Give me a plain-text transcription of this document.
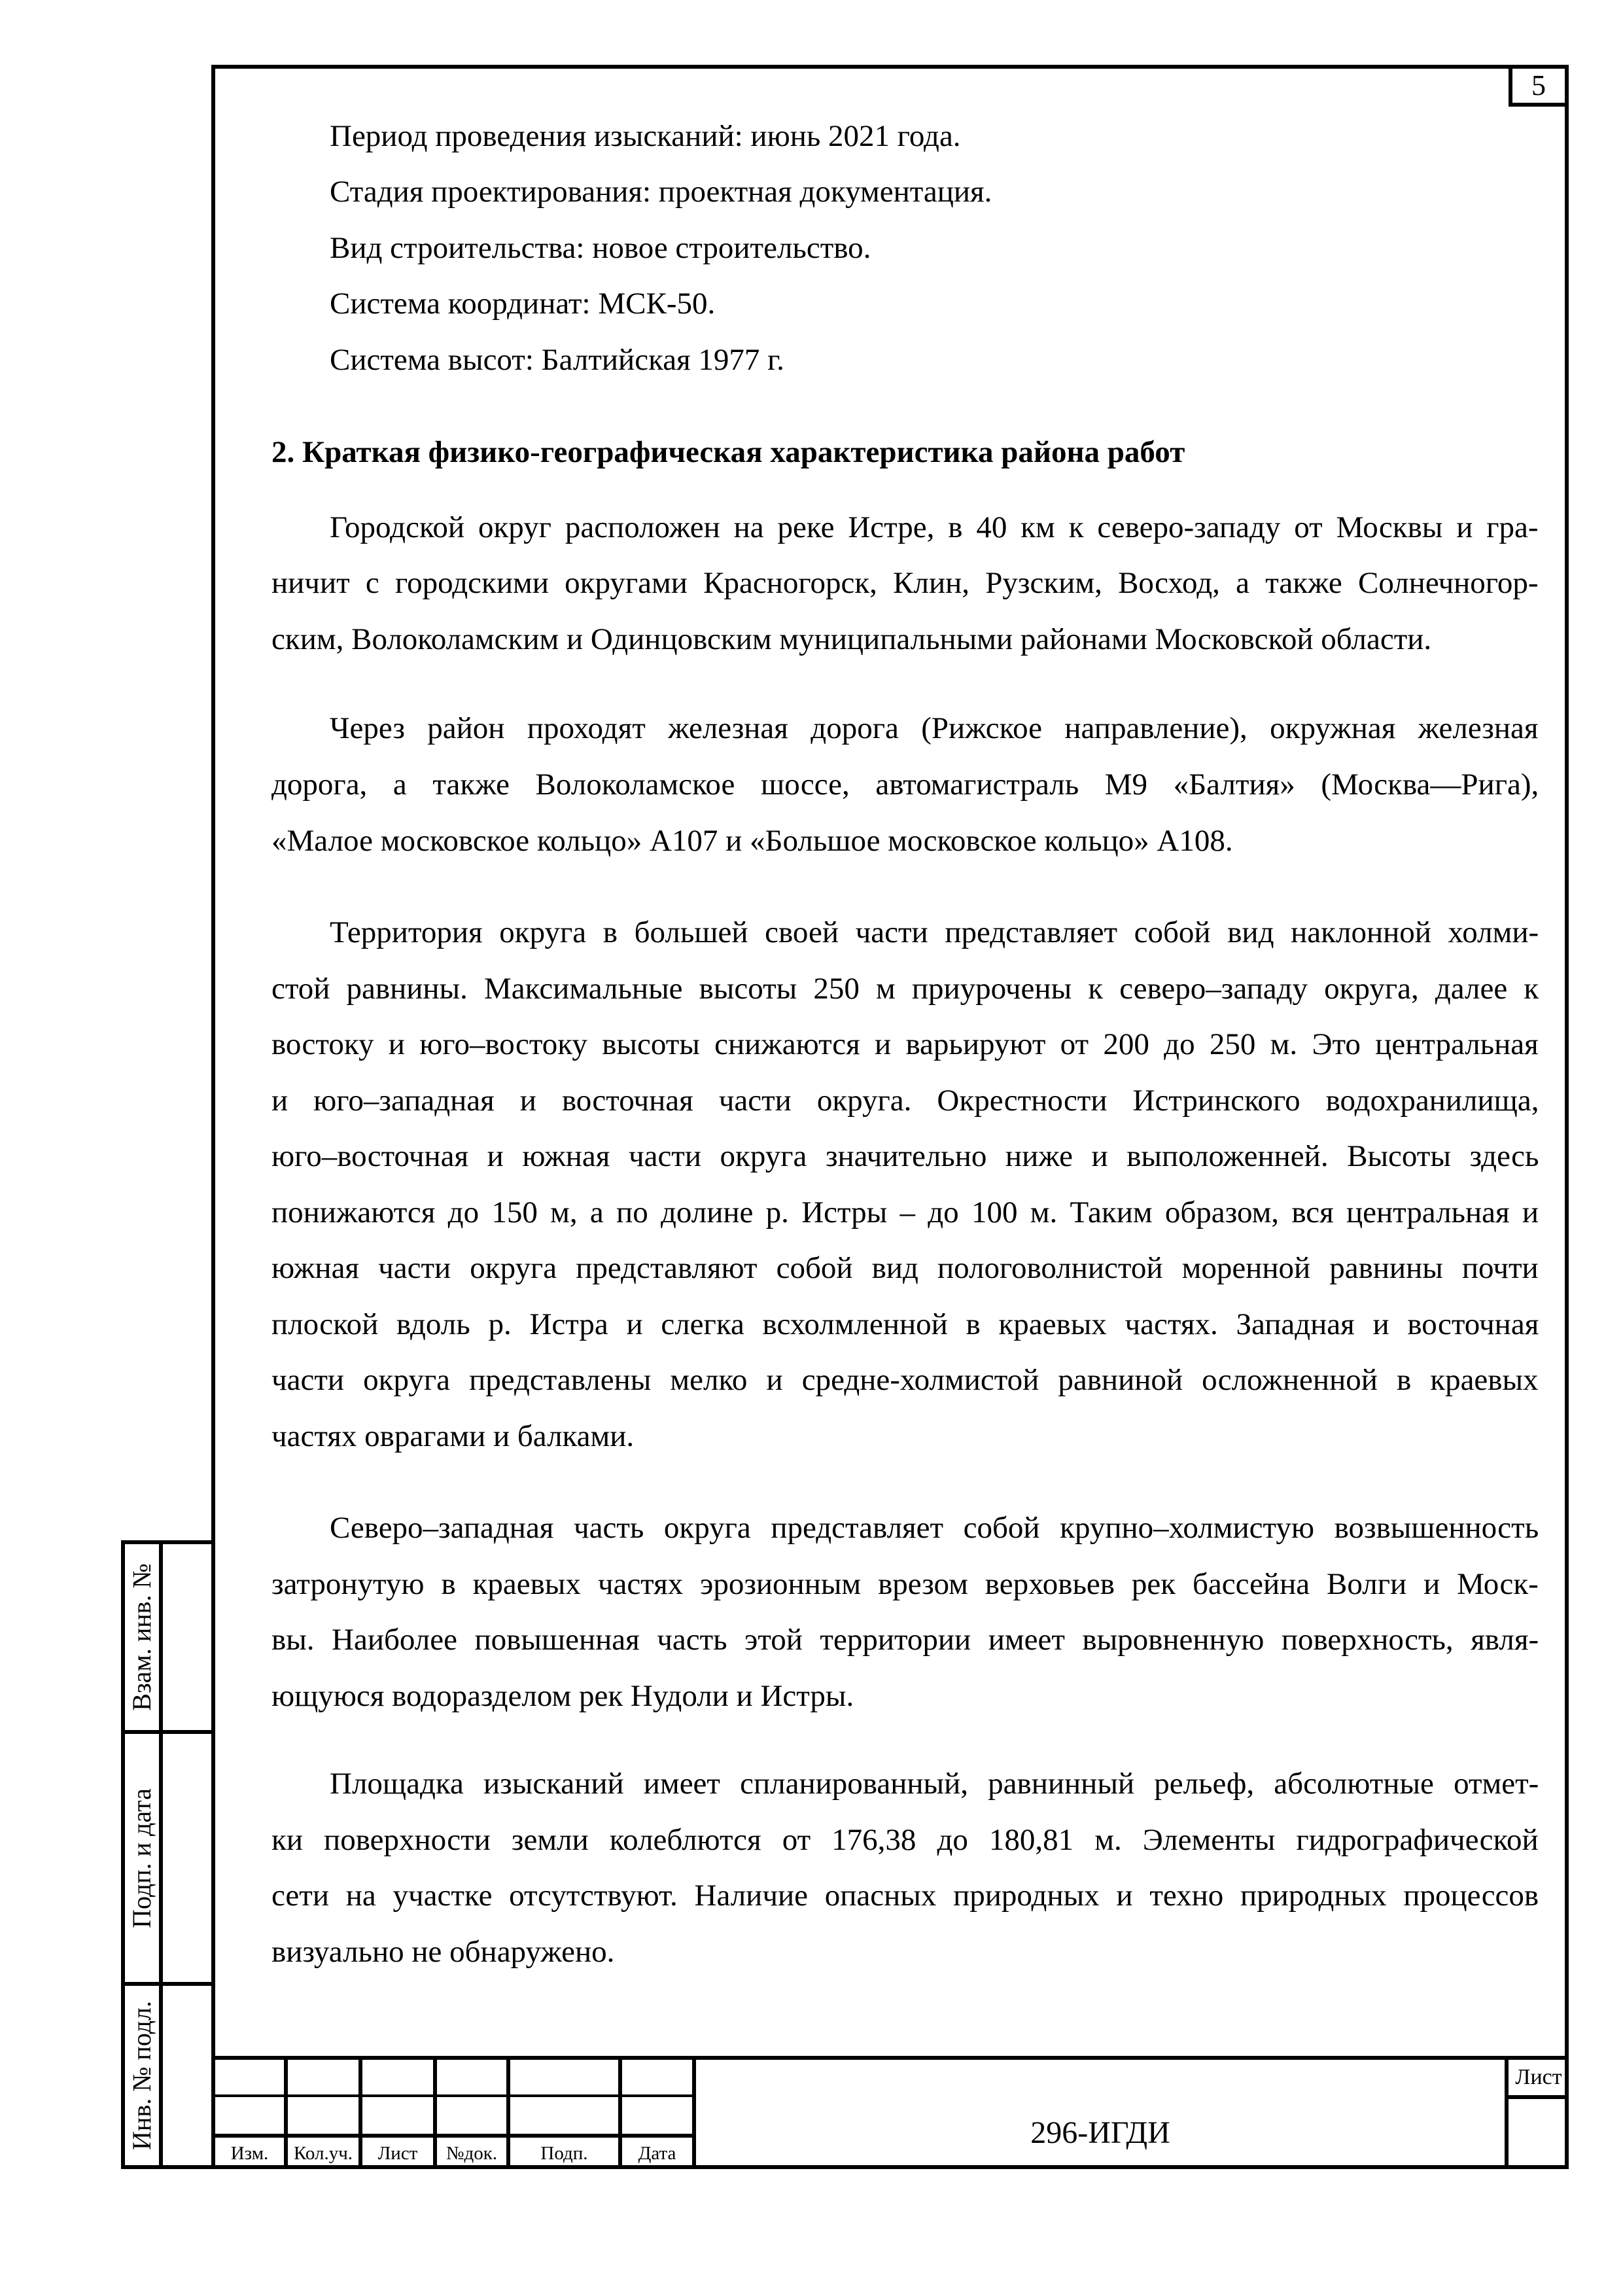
5
Период проведения изысканий: июнь 2021 года.
Стадия проектирования: проектная документация.
Вид строительства: новое строительство.
Система координат: МСК-50.
Система высот: Балтийская 1977 г.
2. Краткая физико-географическая характеристика района работ
Городской округ расположен на реке Истре, в 40 км к северо-западу от Москвы и гра-
ничит с городскими округами Красногорск, Клин, Рузским, Восход, а также Солнечногор-
ским, Волоколамским и Одинцовским муниципальными районами Московской области.
Через район проходят железная дорога (Рижское направление), окружная железная
дорога, а также Волоколамское шоссе, автомагистраль М9 «Балтия» (Москва—Рига),
«Малое московское кольцо» А107 и «Большое московское кольцо» А108.
Территория округа в большей своей части представляет собой вид наклонной холми-
стой равнины. Максимальные высоты 250 м приурочены к северо–западу округа, далее к
востоку и юго–востоку высоты снижаются и варьируют от 200 до 250 м. Это центральная
и юго–западная и восточная части округа. Окрестности Истринского водохранилища,
юго–восточная и южная части округа значительно ниже и выположенней. Высоты здесь
понижаются до 150 м, а по долине р. Истры – до 100 м. Таким образом, вся центральная и
южная части округа представляют собой вид пологоволнистой моренной равнины почти
плоской вдоль р. Истра и слегка всхолмленной в краевых частях. Западная и восточная
части округа представлены мелко и средне-холмистой равниной осложненной в краевых
частях оврагами и балками.
Северо–западная часть округа представляет собой крупно–холмистую возвышенность
затронутую в краевых частях эрозионным врезом верховьев рек бассейна Волги и Моск-
вы. Наиболее повышенная часть этой территории имеет выровненную поверхность, явля-
ющуюся водоразделом рек Нудоли и Истры.
Площадка изысканий имеет спланированный, равнинный рельеф, абсолютные отмет-
ки поверхности земли колеблются от 176,38 до 180,81 м. Элементы гидрографической
сети на участке отсутствуют. Наличие опасных природных и техно природных процессов
визуально не обнаружено.
Взам. инв. №
Подп. и дата
Инв. № подл.
Изм.	Кол.уч.	Лист	№док.	Подп.	Дата
296-ИГДИ
Лист
